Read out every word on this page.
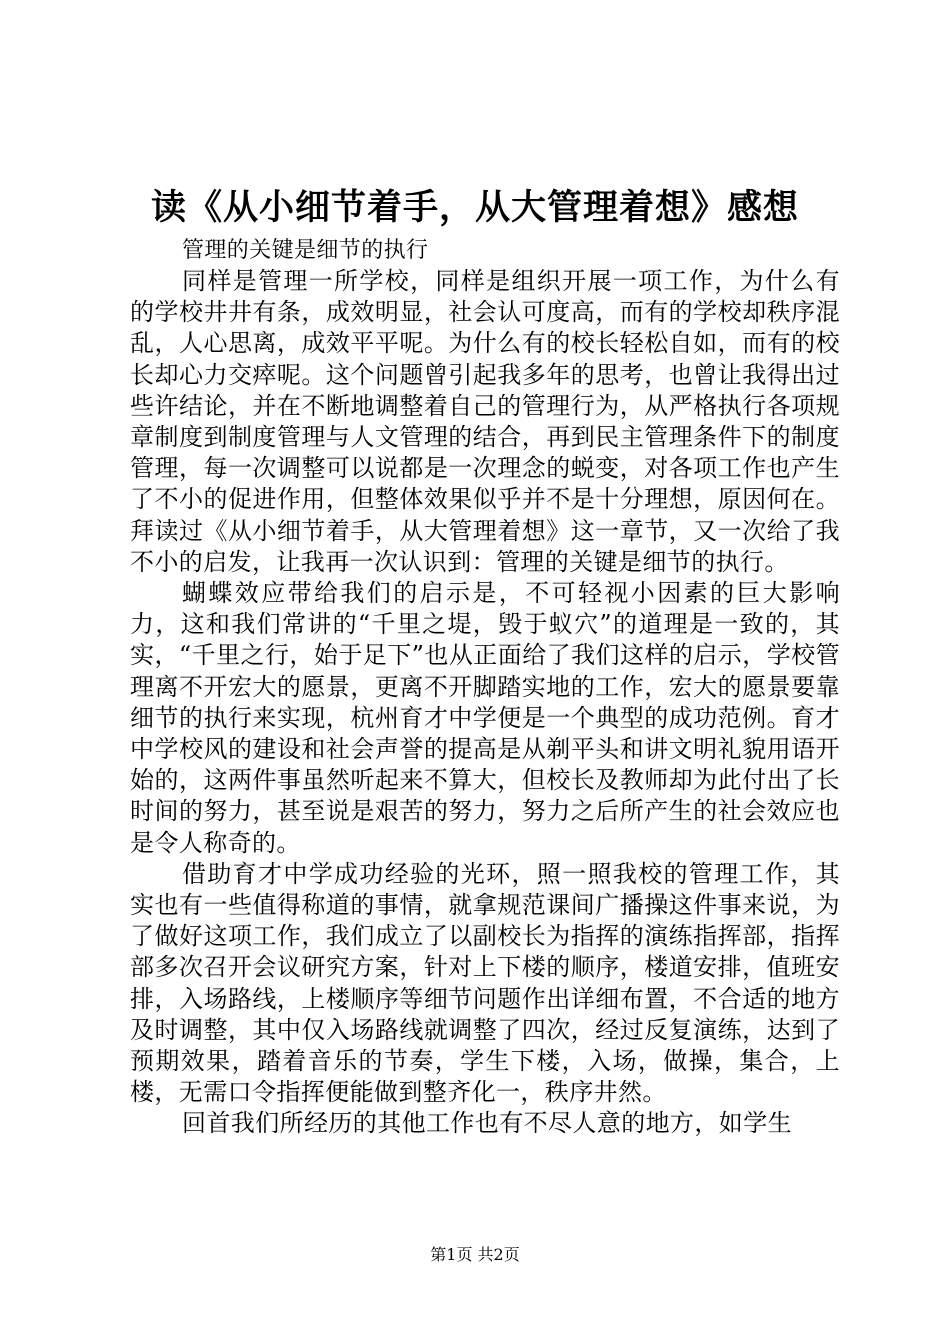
读《从小细节着手，从大管理着想》感想

管理的关键是细节的执行

同样是管理一所学校，同样是组织开展一项工作，为什么有的学校井井有条，成效明显，社会认可度高，而有的学校却秩序混乱，人心思离，成效平平呢。为什么有的校长轻松自如，而有的校长却心力交瘁呢。这个问题曾引起我多年的思考，也曾让我得出过些许结论，并在不断地调整着自己的管理行为，从严格执行各项规章制度到制度管理与人文管理的结合，再到民主管理条件下的制度管理，每一次调整可以说都是一次理念的蜕变，对各项工作也产生了不小的促进作用，但整体效果似乎并不是十分理想，原因何在。拜读过《从小细节着手，从大管理着想》这一章节，又一次给了我不小的启发，让我再一次认识到：管理的关键是细节的执行。

蝴蝶效应带给我们的启示是，不可轻视小因素的巨大影响力，这和我们常讲的“千里之堤，毁于蚁穴”的道理是一致的，其实，“千里之行，始于足下”也从正面给了我们这样的启示，学校管理离不开宏大的愿景，更离不开脚踏实地的工作，宏大的愿景要靠细节的执行来实现，杭州育才中学便是一个典型的成功范例。育才中学校风的建设和社会声誉的提高是从剃平头和讲文明礼貌用语开始的，这两件事虽然听起来不算大，但校长及教师却为此付出了长时间的努力，甚至说是艰苦的努力，努力之后所产生的社会效应也是令人称奇的。

借助育才中学成功经验的光环，照一照我校的管理工作，其实也有一些值得称道的事情，就拿规范课间广播操这件事来说，为了做好这项工作，我们成立了以副校长为指挥的演练指挥部，指挥部多次召开会议研究方案，针对上下楼的顺序，楼道安排，值班安排，入场路线，上楼顺序等细节问题作出详细布置，不合适的地方及时调整，其中仅入场路线就调整了四次，经过反复演练，达到了预期效果，踏着音乐的节奏，学生下楼，入场，做操，集合，上楼，无需口令指挥便能做到整齐化一，秩序井然。

回首我们所经历的其他工作也有不尽人意的地方，如学生

第1页 共2页
